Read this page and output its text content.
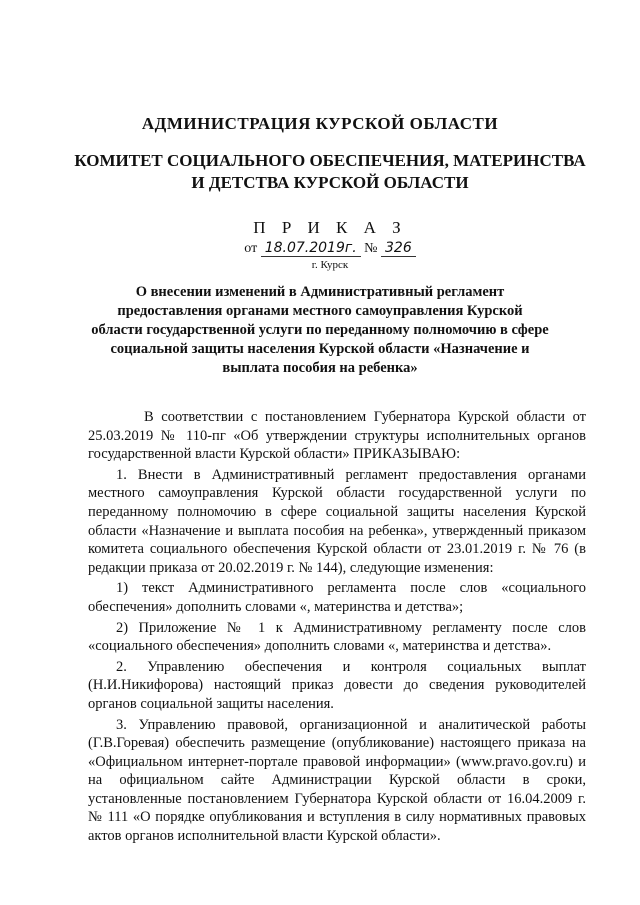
АДМИНИСТРАЦИЯ КУРСКОЙ ОБЛАСТИ
КОМИТЕТ СОЦИАЛЬНОГО ОБЕСПЕЧЕНИЯ, МАТЕРИНСТВА
И ДЕТСТВА КУРСКОЙ ОБЛАСТИ
П Р И К А З
от 18.07.2019г. № 326
г. Курск
О внесении изменений в Административный регламент предоставления органами местного самоуправления Курской области государственной услуги по переданному полномочию в сфере социальной защиты населения Курской области «Назначение и выплата пособия на ребенка»

В соответствии с постановлением Губернатора Курской области от 25.03.2019 № 110-пг «Об утверждении структуры исполнительных органов государственной власти Курской области» ПРИКАЗЫВАЮ:

1. Внести в Административный регламент предоставления органами местного самоуправления Курской области государственной услуги по переданному полномочию в сфере социальной защиты населения Курской области «Назначение и выплата пособия на ребенка», утвержденный приказом комитета социального обеспечения Курской области от 23.01.2019 г. № 76 (в редакции приказа от 20.02.2019 г. № 144), следующие изменения:

1) текст Административного регламента после слов «социального обеспечения» дополнить словами «, материнства и детства»;

2) Приложение № 1 к Административному регламенту после слов «социального обеспечения» дополнить словами «, материнства и детства».

2. Управлению обеспечения и контроля социальных выплат (Н.И.Никифорова) настоящий приказ довести до сведения руководителей органов социальной защиты населения.

3. Управлению правовой, организационной и аналитической работы (Г.В.Горевая) обеспечить размещение (опубликование) настоящего приказа на «Официальном интернет-портале правовой информации» (www.pravo.gov.ru) и на официальном сайте Администрации Курской области в сроки, установленные постановлением Губернатора Курской области от 16.04.2009 г. № 111 «О порядке опубликования и вступления в силу нормативных правовых актов органов исполнительной власти Курской области».
